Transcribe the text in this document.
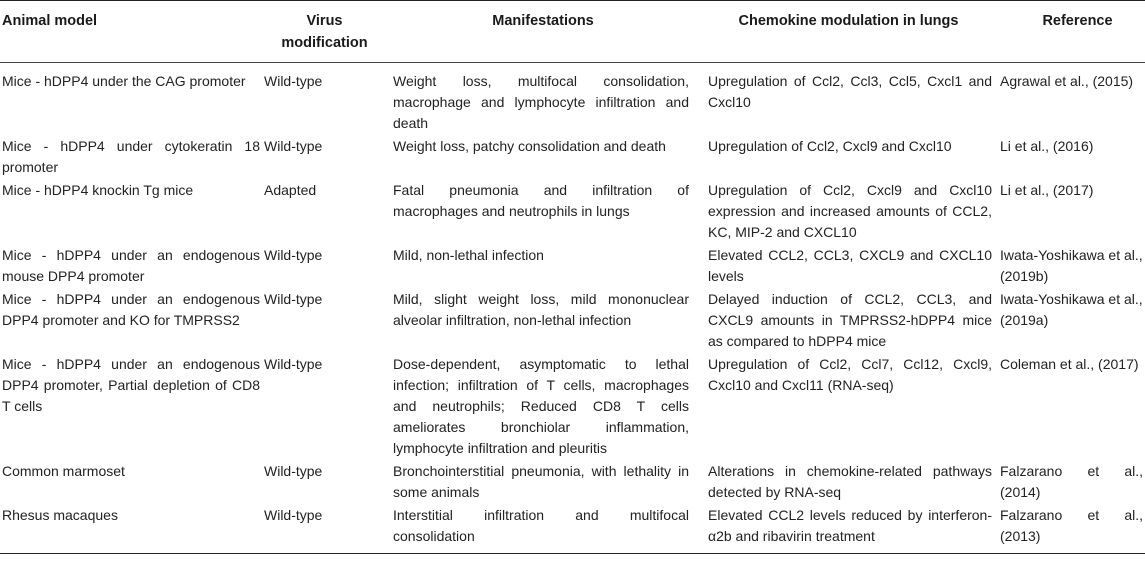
Animal model	Virus modification	Manifestations	Chemokine modulation in lungs	Reference
Mice - hDPP4 under the CAG promoter	Wild-type	Weight loss, multifocal consolidation, macrophage and lymphocyte infiltration and death	Upregulation of Ccl2, Ccl3, Ccl5, Cxcl1 and Cxcl10	Agrawal et al., (2015)
Mice - hDPP4 under cytokeratin 18 promoter	Wild-type	Weight loss, patchy consolidation and death	Upregulation of Ccl2, Cxcl9 and Cxcl10	Li et al., (2016)
Mice - hDPP4 knockin Tg mice	Adapted	Fatal pneumonia and infiltration of macrophages and neutrophils in lungs	Upregulation of Ccl2, Cxcl9 and Cxcl10 expression and increased amounts of CCL2, KC, MIP-2 and CXCL10	Li et al., (2017)
Mice - hDPP4 under an endogenous mouse DPP4 promoter	Wild-type	Mild, non-lethal infection	Elevated CCL2, CCL3, CXCL9 and CXCL10 levels	Iwata-Yoshikawa et al., (2019b)
Mice - hDPP4 under an endogenous DPP4 promoter and KO for TMPRSS2	Wild-type	Mild, slight weight loss, mild mononuclear alveolar infiltration, non-lethal infection	Delayed induction of CCL2, CCL3, and CXCL9 amounts in TMPRSS2-hDPP4 mice as compared to hDPP4 mice	Iwata-Yoshikawa et al., (2019a)
Mice - hDPP4 under an endogenous DPP4 promoter, Partial depletion of CD8 T cells	Wild-type	Dose-dependent, asymptomatic to lethal infection; infiltration of T cells, macrophages and neutrophils; Reduced CD8 T cells ameliorates bronchiolar inflammation, lymphocyte infiltration and pleuritis	Upregulation of Ccl2, Ccl7, Ccl12, Cxcl9, Cxcl10 and Cxcl11 (RNA-seq)	Coleman et al., (2017)
Common marmoset	Wild-type	Bronchointerstitial pneumonia, with lethality in some animals	Alterations in chemokine-related pathways detected by RNA-seq	Falzarano et al., (2014)
Rhesus macaques	Wild-type	Interstitial infiltration and multifocal consolidation	Elevated CCL2 levels reduced by interferon-α2b and ribavirin treatment	Falzarano et al., (2013)
